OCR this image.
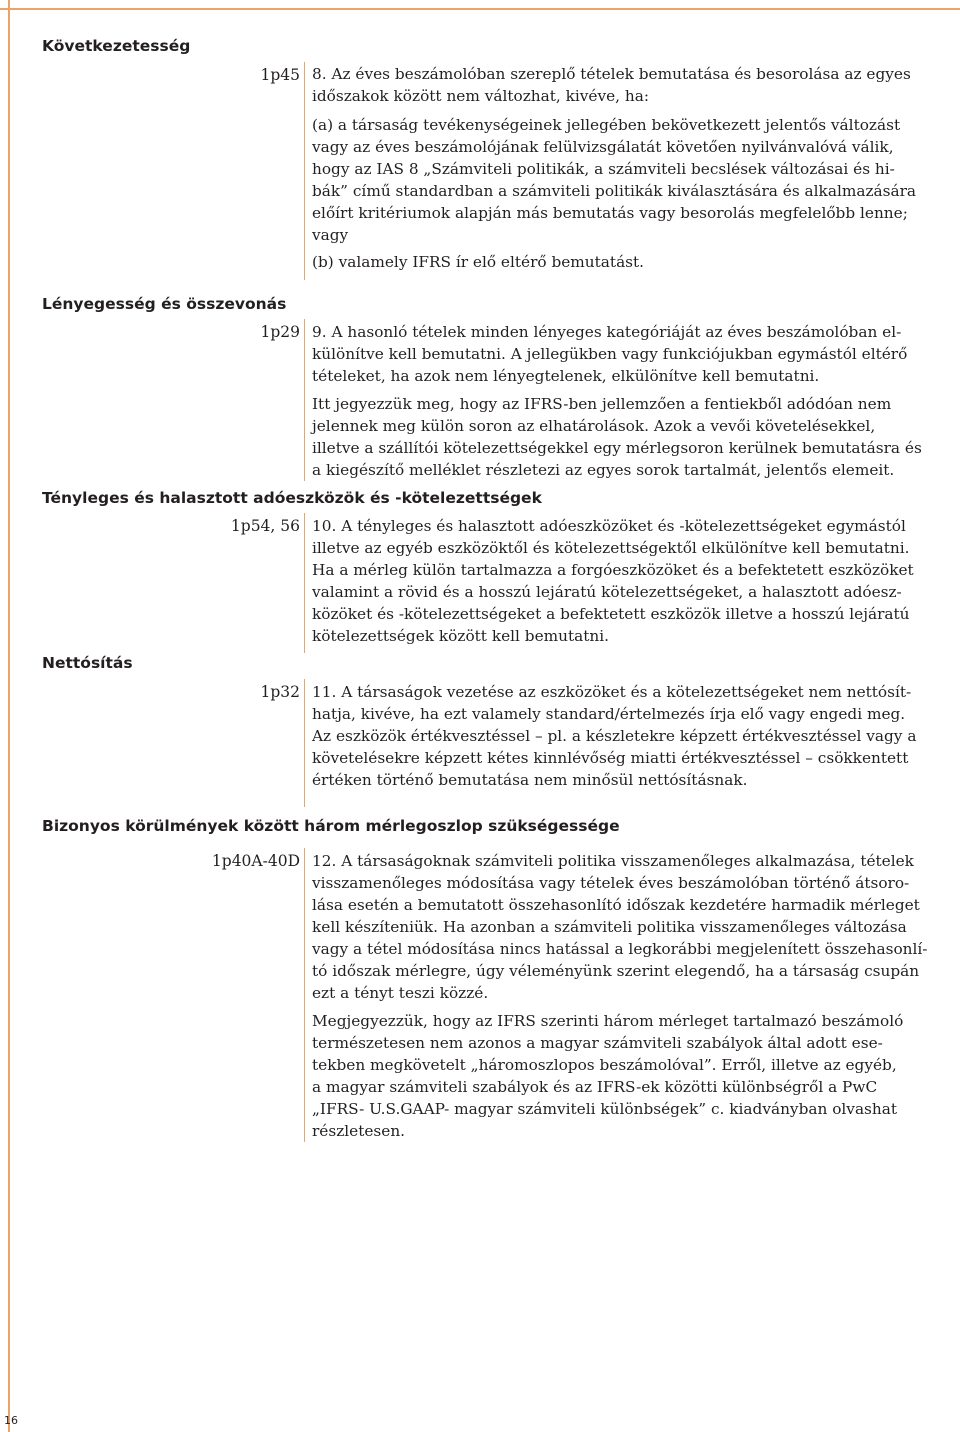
Következetesség
1p45 8. Az éves beszámolóban szereplő tételek bemutatása és besorolása az egyes
időszakok között nem változhat, kivéve, ha:
(a) a társaság tevékenységeinek jellegében bekövetkezett jelentős változást
vagy az éves beszámolójának felülvizsgálatát követően nyilvánvalóvá válik,
hogy az IAS 8 „Számviteli politikák, a számviteli becslések változásai és hi-
bák” című standardban a számviteli politikák kiválasztására és alkalmazására
előírt kritériumok alapján más bemutatás vagy besorolás megfelelőbb lenne;
vagy
(b) valamely IFRS ír elő eltérő bemutatást.
Lényegesség és összevonás
1p29 9. A hasonló tételek minden lényeges kategóriáját az éves beszámolóban el-
különítve kell bemutatni. A jellegükben vagy funkciójukban egymástól eltérő
tételeket, ha azok nem lényegtelenek, elkülönítve kell bemutatni.
Itt jegyezzük meg, hogy az IFRS-ben jellemzően a fentiekből adódóan nem
jelennek meg külön soron az elhatárolások. Azok a vevői követelésekkel,
illetve a szállítói kötelezettségekkel egy mérlegsoron kerülnek bemutatásra és
a kiegészítő melléklet részletezi az egyes sorok tartalmát, jelentős elemeit.
Tényleges és halasztott adóeszközök és -kötelezettségek
1p54, 56 10. A tényleges és halasztott adóeszközöket és -kötelezettségeket egymástól
illetve az egyéb eszközöktől és kötelezettségektől elkülönítve kell bemutatni.
Ha a mérleg külön tartalmazza a forgóeszközöket és a befektetett eszközöket
valamint a rövid és a hosszú lejáratú kötelezettségeket, a halasztott adóesz-
közöket és -kötelezettségeket a befektetett eszközök illetve a hosszú lejáratú
kötelezettségek között kell bemutatni.
Nettósítás
1p32 11. A társaságok vezetése az eszközöket és a kötelezettségeket nem nettósít-
hatja, kivéve, ha ezt valamely standard/értelmezés írja elő vagy engedi meg.
Az eszközök értékvesztéssel – pl. a készletekre képzett értékvesztéssel vagy a
követelésekre képzett kétes kinnlévőség miatti értékvesztéssel – csökkentett
értéken történő bemutatása nem minősül nettósításnak.
Bizonyos körülmények között három mérlegoszlop szükségessége
1p40A-40D 12. A társaságoknak számviteli politika visszamenőleges alkalmazása, tételek
visszamenőleges módosítása vagy tételek éves beszámolóban történő átsoro-
lása esetén a bemutatott összehasonlító időszak kezdetére harmadik mérleget
kell készíteniük. Ha azonban a számviteli politika visszamenőleges változása
vagy a tétel módosítása nincs hatással a legkorábbi megjelenített összehasonlí-
tó időszak mérlegre, úgy véleményünk szerint elegendő, ha a társaság csupán
ezt a tényt teszi közzé.
Megjegyezzük, hogy az IFRS szerinti három mérleget tartalmazó beszámoló
természetesen nem azonos a magyar számviteli szabályok által adott ese-
tekben megkövetelt „háromoszlopos beszámolóval”. Erről, illetve az egyéb,
a magyar számviteli szabályok és az IFRS-ek közötti különbségről a PwC
„IFRS- U.S.GAAP- magyar számviteli különbségek” c. kiadványban olvashat
részletesen.
16
